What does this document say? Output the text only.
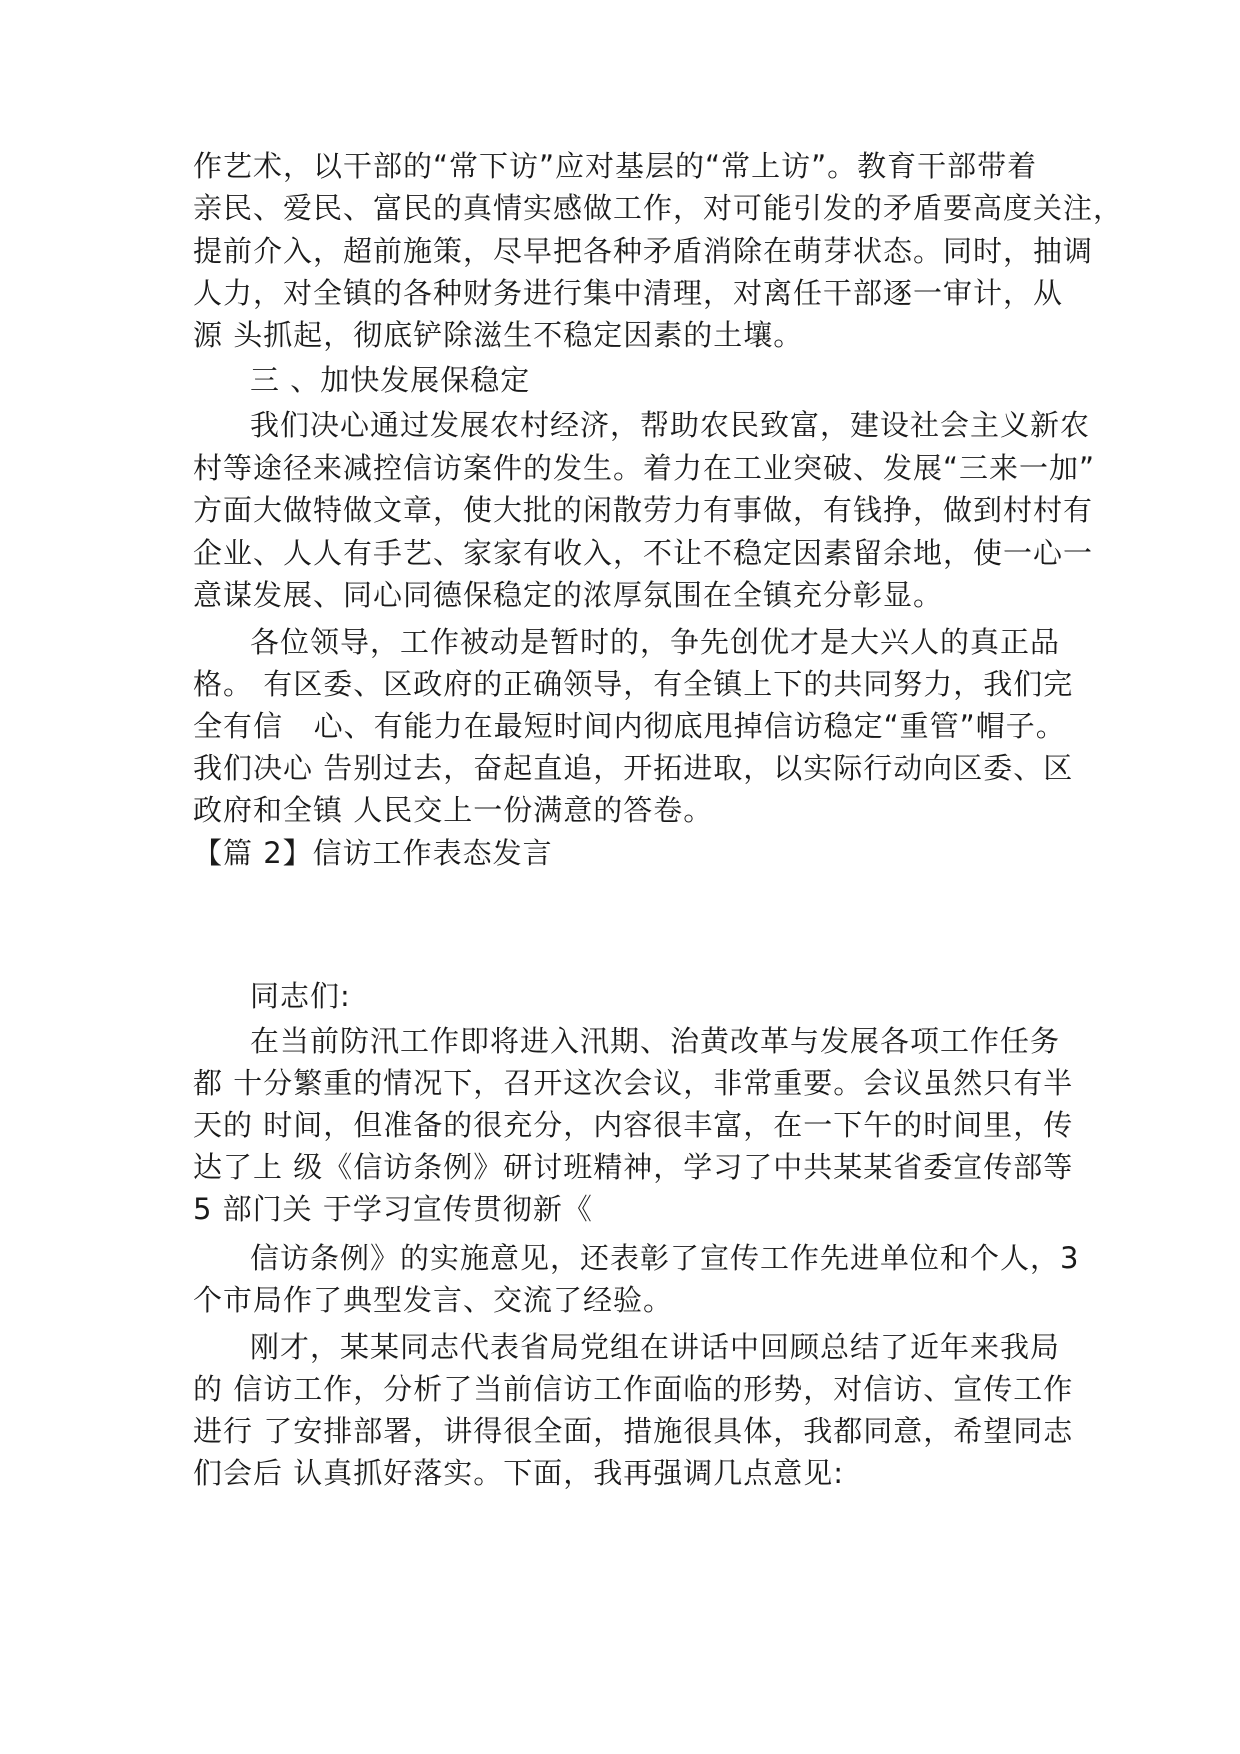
作艺术，以干部的“常下访”应对基层的“常上访”。教育干部带着
亲民、爱民、富民的真情实感做工作，对可能引发的矛盾要高度关注，
提前介入，超前施策，尽早把各种矛盾消除在萌芽状态。同时，抽调
人力，对全镇的各种财务进行集中清理，对离任干部逐一审计，从
源 头抓起，彻底铲除滋生不稳定因素的土壤。
三 、加快发展保稳定
我们决心通过发展农村经济，帮助农民致富，建设社会主义新农
村等途径来减控信访案件的发生。着力在工业突破、发展“三来一加”
方面大做特做文章，使大批的闲散劳力有事做，有钱挣，做到村村有
企业、人人有手艺、家家有收入，不让不稳定因素留余地，使一心一
意谋发展、同心同德保稳定的浓厚氛围在全镇充分彰显。
各位领导，工作被动是暂时的，争先创优才是大兴人的真正品
格。 有区委、区政府的正确领导，有全镇上下的共同努力，我们完
全有信   心、有能力在最短时间内彻底甩掉信访稳定“重管”帽子。
我们决心 告别过去，奋起直追，开拓进取，以实际行动向区委、区
政府和全镇 人民交上一份满意的答卷。
【篇 2】信访工作表态发言
同志们:
在当前防汛工作即将进入汛期、治黄改革与发展各项工作任务
都 十分繁重的情况下，召开这次会议，非常重要。会议虽然只有半
天的 时间，但准备的很充分，内容很丰富，在一下午的时间里，传
达了上 级《信访条例》研讨班精神，学习了中共某某省委宣传部等
5 部门关 于学习宣传贯彻新《
信访条例》的实施意见，还表彰了宣传工作先进单位和个人，3
个市局作了典型发言、交流了经验。
刚才，某某同志代表省局党组在讲话中回顾总结了近年来我局
的 信访工作，分析了当前信访工作面临的形势，对信访、宣传工作
进行 了安排部署，讲得很全面，措施很具体，我都同意，希望同志
们会后 认真抓好落实。下面，我再强调几点意见:
